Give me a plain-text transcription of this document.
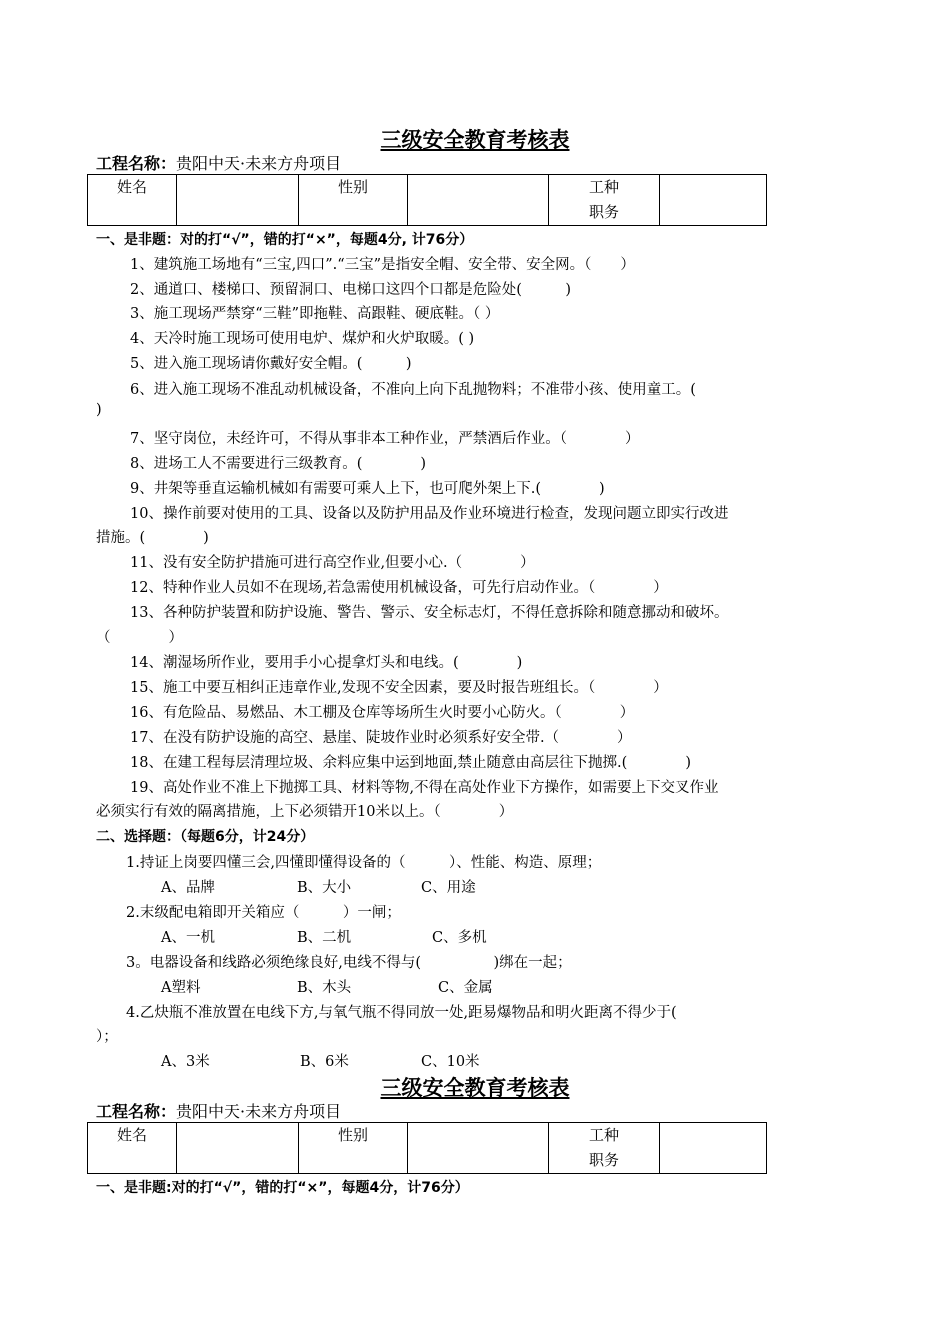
三级安全教育考核表
工程名称：贵阳中天·未来方舟项目
姓名		性别		工种
职务	
一、是非题：对的打“√”，错的打“×”，每题4分, 计76分）
1、建筑施工场地有“三宝,四口”.“三宝”是指安全帽、安全带、安全网。（　　）
2、通道口、楼梯口、预留洞口、电梯口这四个口都是危险处(　　　)
3、施工现场严禁穿“三鞋”即拖鞋、高跟鞋、硬底鞋。（ ）
4、天冷时施工现场可使用电炉、煤炉和火炉取暖。( )
5、进入施工现场请你戴好安全帽。(　　　)
6、进入施工现场不准乱动机械设备，不准向上向下乱抛物料；不准带小孩、使用童工。(
)
7、坚守岗位，未经许可，不得从事非本工种作业，严禁酒后作业。（　　　　）
8、进场工人不需要进行三级教育。(　　　　)
9、井架等垂直运输机械如有需要可乘人上下，也可爬外架上下.(　　　　)
10、操作前要对使用的工具、设备以及防护用品及作业环境进行检查，发现问题立即实行改进
措施。(　　　　)
11、没有安全防护措施可进行高空作业,但要小心.（　　　　）
12、特种作业人员如不在现场,若急需使用机械设备，可先行启动作业。（　　　　）
13、各种防护装置和防护设施、警告、警示、安全标志灯，不得任意拆除和随意挪动和破坏。
（　　　　）
14、潮湿场所作业，要用手小心提拿灯头和电线。(　　　　)
15、施工中要互相纠正违章作业,发现不安全因素，要及时报告班组长。（　　　　）
16、有危险品、易燃品、木工棚及仓库等场所生火时要小心防火。（　　　　）
17、在没有防护设施的高空、悬崖、陡坡作业时必须系好安全带.（　　　　）
18、在建工程每层清理垃圾、余料应集中运到地面,禁止随意由高层往下抛掷.(　　　　)
19、高处作业不准上下抛掷工具、材料等物,不得在高处作业下方操作，如需要上下交叉作业
必须实行有效的隔离措施，上下必须错开10米以上。（　　　　）
二、选择题：（每题6分，计24分）
1.持证上岗要四懂三会,四懂即懂得设备的（　　　）、性能、构造、原理；
A、品牌	B、大小	C、用途
2.末级配电箱即开关箱应（　　　）一闸；
A、一机	B、二机	C、多机
3。电器设备和线路必须绝缘良好,电线不得与(　　　　　)绑在一起；
A塑料	B、木头	C、金属
4.乙炔瓶不准放置在电线下方,与氧气瓶不得同放一处,距易爆物品和明火距离不得少于(
）；
A、3米	B、6米	C、10米
三级安全教育考核表
工程名称：贵阳中天·未来方舟项目
姓名		性别		工种
职务	
一、是非题:对的打“√”，错的打“×”，每题4分，计76分）
